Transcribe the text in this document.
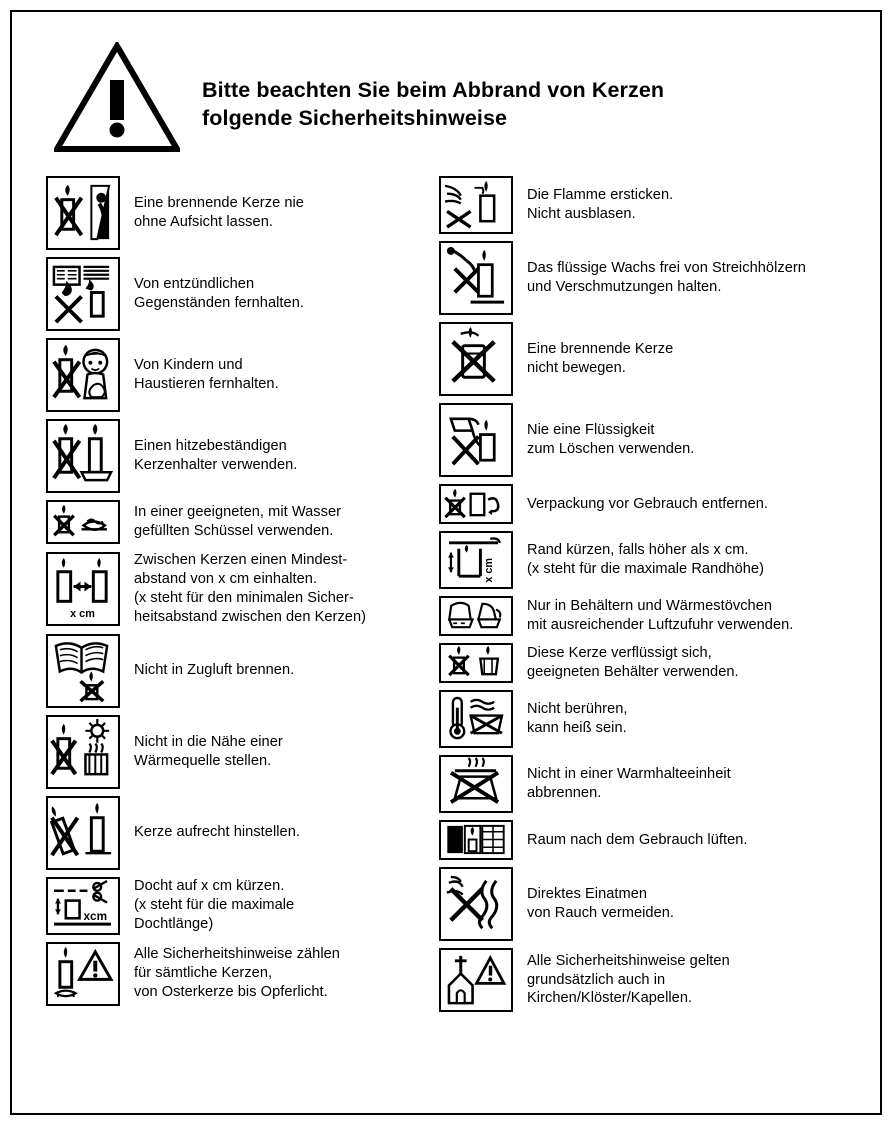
Bitte beachten Sie beim Abbrand von Kerzen
folgende Sicherheitshinweise
Eine brennende Kerze nie
ohne Aufsicht lassen.
Von entzündlichen
Gegenständen fernhalten.
Von Kindern und
Haustieren fernhalten.
Einen hitzebeständigen
Kerzenhalter verwenden.
In einer geeigneten, mit Wasser
gefüllten Schüssel verwenden.
x cm
Zwischen Kerzen einen Mindest-
abstand von x cm einhalten.
(x steht für den minimalen Sicher-
heitsabstand zwischen den Kerzen)
Nicht in Zugluft brennen.
Nicht in die Nähe einer
Wärmequelle stellen.
Kerze aufrecht hinstellen.
xcm
Docht auf x cm kürzen.
(x steht für die maximale
Dochtlänge)
Alle Sicherheitshinweise zählen
für sämtliche Kerzen,
von Osterkerze bis Opferlicht.
Die Flamme ersticken.
Nicht ausblasen.
Das flüssige Wachs frei von Streichhölzern
und Verschmutzungen halten.
Eine brennende Kerze
nicht bewegen.
Nie eine Flüssigkeit
zum Löschen verwenden.
Verpackung vor Gebrauch entfernen.
x cm
Rand kürzen, falls höher als x cm.
(x steht für die maximale Randhöhe)
Nur in Behältern und Wärmestövchen
mit ausreichender Luftzufuhr verwenden.
Diese Kerze verflüssigt sich,
geeigneten Behälter verwenden.
Nicht berühren,
kann heiß sein.
Nicht in einer Warmhalteeinheit
abbrennen.
Raum nach dem Gebrauch lüften.
Direktes Einatmen
von Rauch vermeiden.
Alle Sicherheitshinweise gelten
grundsätzlich auch in
Kirchen/Klöster/Kapellen.
